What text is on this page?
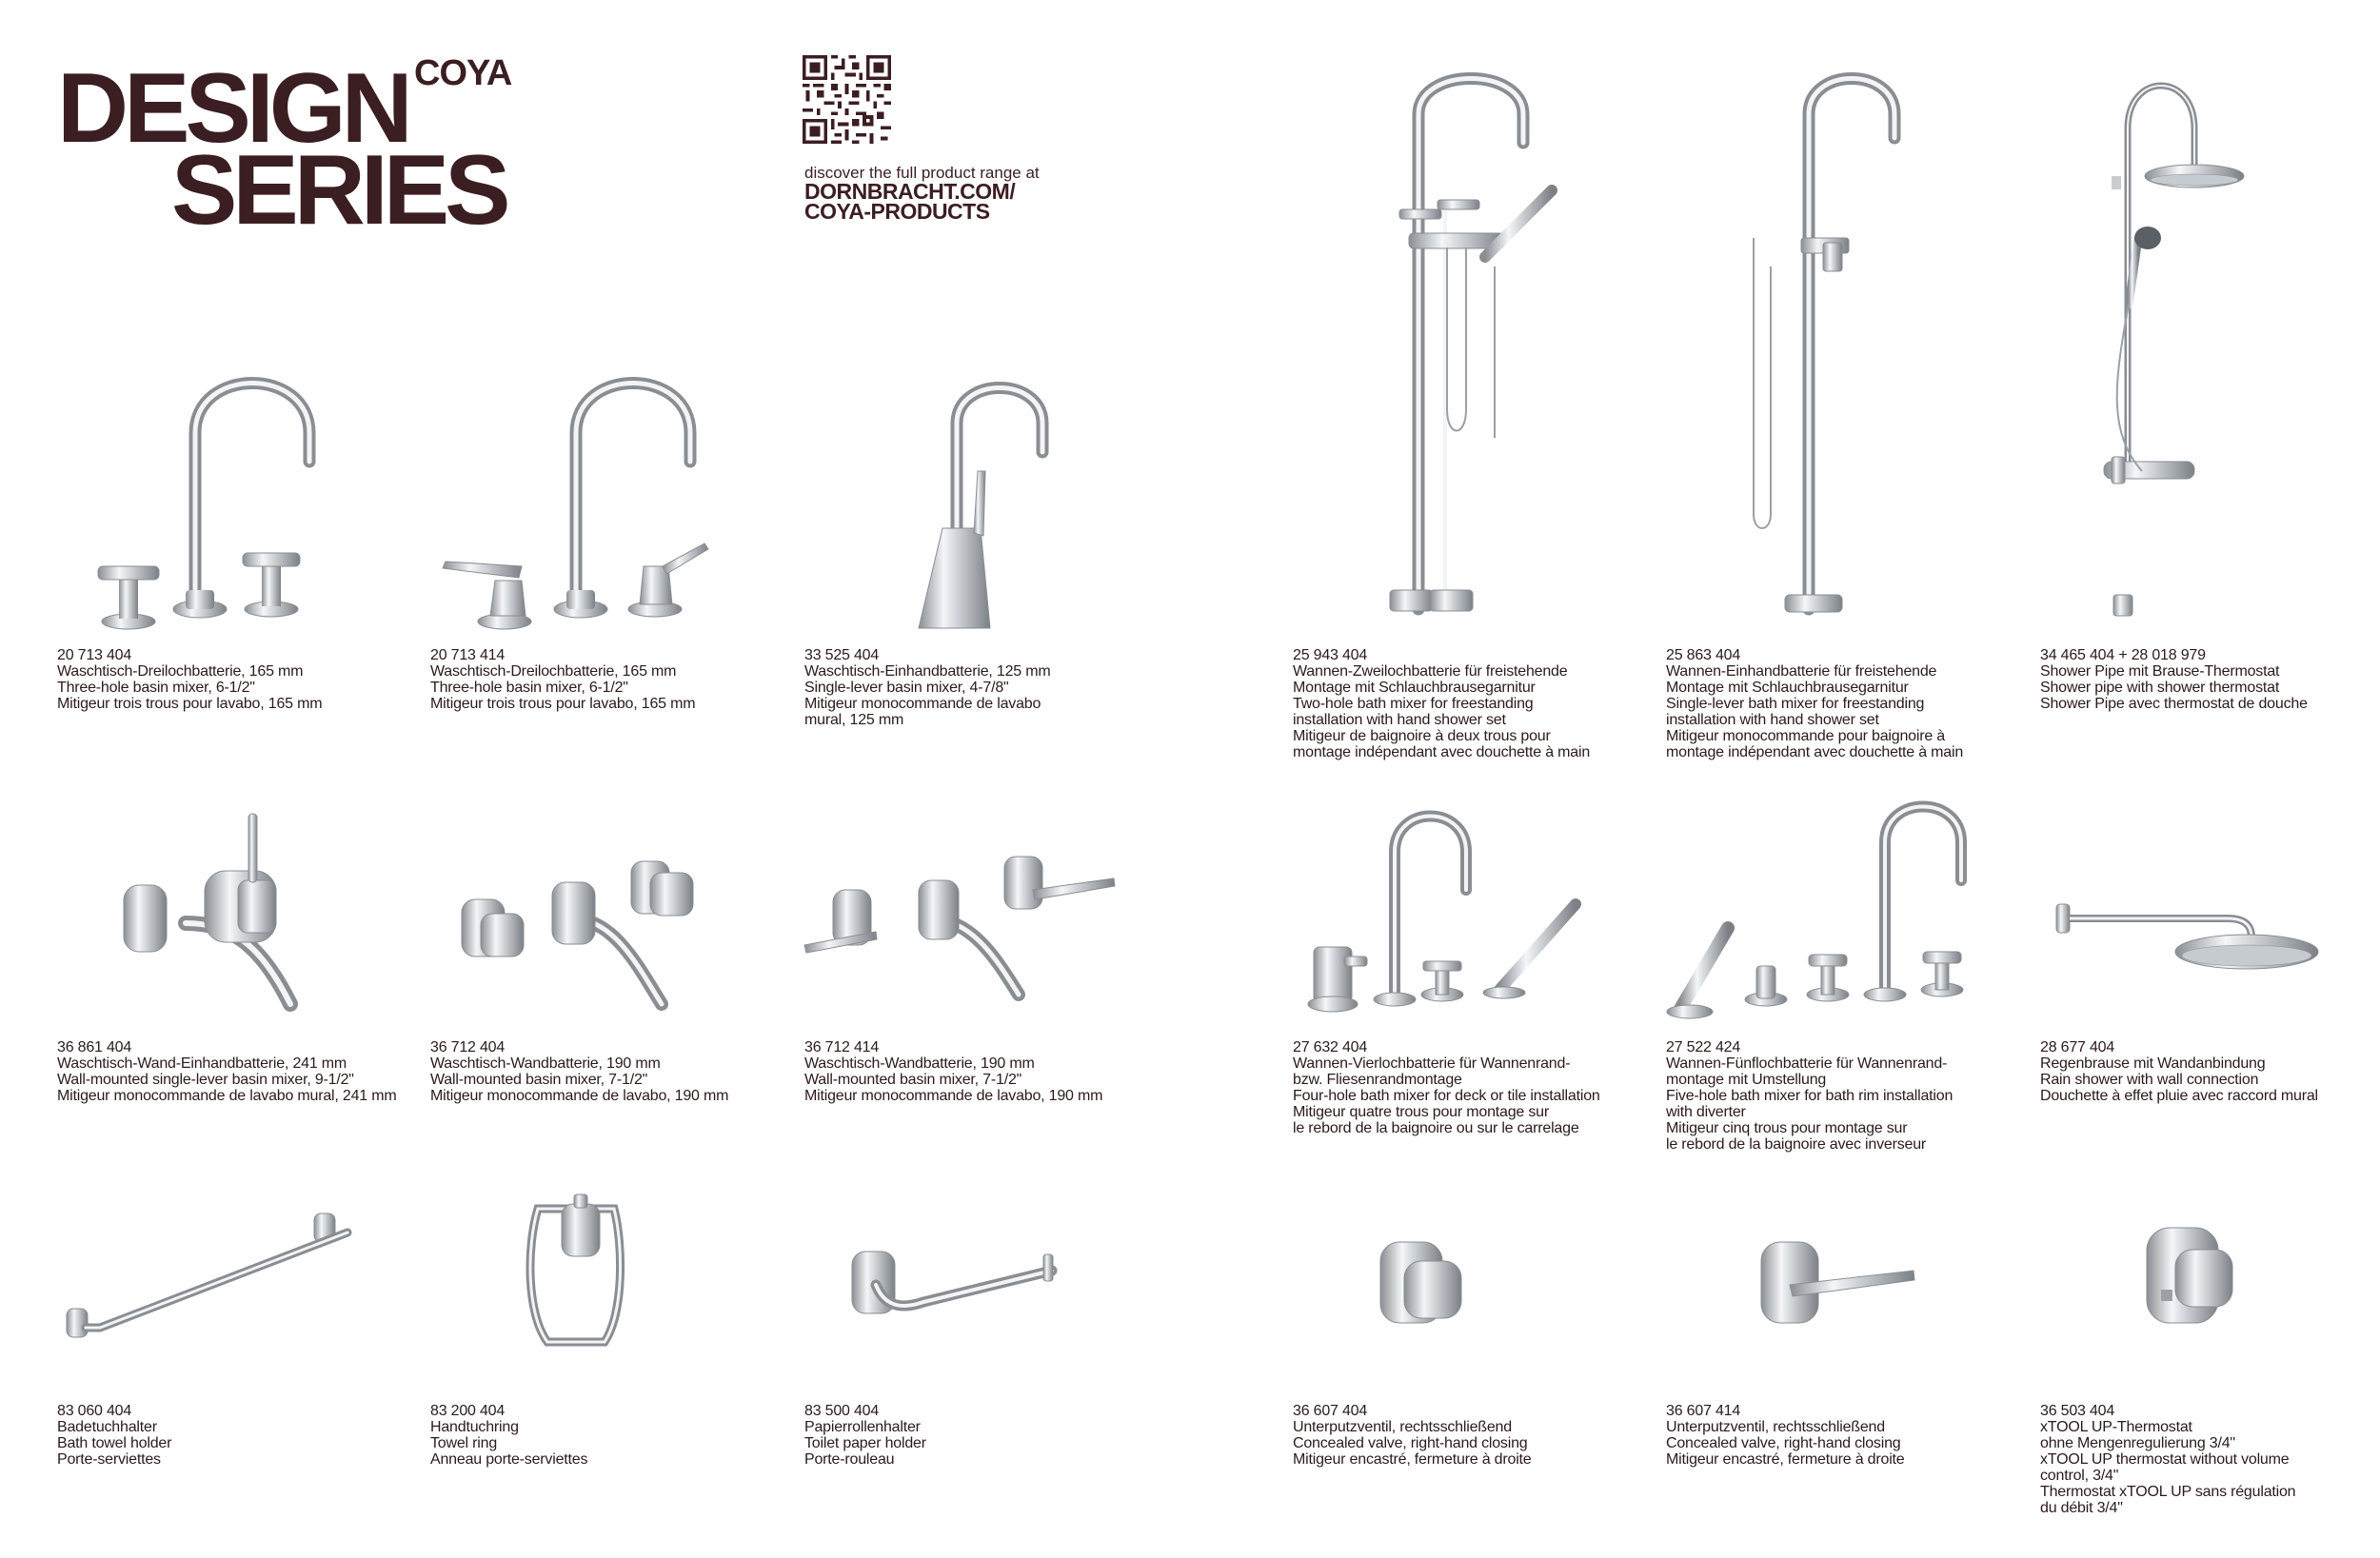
DESIGN
SERIES
COYA
discover the full product range at
DORNBRACHT.COM/
COYA-PRODUCTS
20 713 404
Waschtisch-Dreilochbatterie, 165 mm
Three-hole basin mixer, 6-1/2"
Mitigeur trois trous pour lavabo, 165 mm
20 713 414
Waschtisch-Dreilochbatterie, 165 mm
Three-hole basin mixer, 6-1/2"
Mitigeur trois trous pour lavabo, 165 mm
33 525 404
Waschtisch-Einhandbatterie, 125 mm
Single-lever basin mixer, 4-7/8"
Mitigeur monocommande de lavabo
mural, 125 mm
25 943 404
Wannen-Zweilochbatterie für freistehende
Montage mit Schlauchbrausegarnitur
Two-hole bath mixer for freestanding
installation with hand shower set
Mitigeur de baignoire à deux trous pour
montage indépendant avec douchette à main
25 863 404
Wannen-Einhandbatterie für freistehende
Montage mit Schlauchbrausegarnitur
Single-lever bath mixer for freestanding
installation with hand shower set
Mitigeur monocommande pour baignoire à
montage indépendant avec douchette à main
34 465 404 + 28 018 979
Shower Pipe mit Brause-Thermostat
Shower pipe with shower thermostat
Shower Pipe avec thermostat de douche
36 861 404
Waschtisch-Wand-Einhandbatterie, 241 mm
Wall-mounted single-lever basin mixer, 9-1/2"
Mitigeur monocommande de lavabo mural, 241 mm
36 712 404
Waschtisch-Wandbatterie, 190 mm
Wall-mounted basin mixer, 7-1/2"
Mitigeur monocommande de lavabo, 190 mm
36 712 414
Waschtisch-Wandbatterie, 190 mm
Wall-mounted basin mixer, 7-1/2"
Mitigeur monocommande de lavabo, 190 mm
27 632 404
Wannen-Vierlochbatterie für Wannenrand-
bzw. Fliesenrandmontage
Four-hole bath mixer for deck or tile installation
Mitigeur quatre trous pour montage sur
le rebord de la baignoire ou sur le carrelage
27 522 424
Wannen-Fünflochbatterie für Wannenrand-
montage mit Umstellung
Five-hole bath mixer for bath rim installation
with diverter
Mitigeur cinq trous pour montage sur
le rebord de la baignoire avec inverseur
28 677 404
Regenbrause mit Wandanbindung
Rain shower with wall connection
Douchette à effet pluie avec raccord mural
83 060 404
Badetuchhalter
Bath towel holder
Porte-serviettes
83 200 404
Handtuchring
Towel ring
Anneau porte-serviettes
83 500 404
Papierrollenhalter
Toilet paper holder
Porte-rouleau
36 607 404
Unterputzventil, rechtsschließend
Concealed valve, right-hand closing
Mitigeur encastré, fermeture à droite
36 607 414
Unterputzventil, rechtsschließend
Concealed valve, right-hand closing
Mitigeur encastré, fermeture à droite
36 503 404
xTOOL UP-Thermostat
ohne Mengenregulierung 3/4"
xTOOL UP thermostat without volume
control, 3/4"
Thermostat xTOOL UP sans régulation
du débit 3/4"
